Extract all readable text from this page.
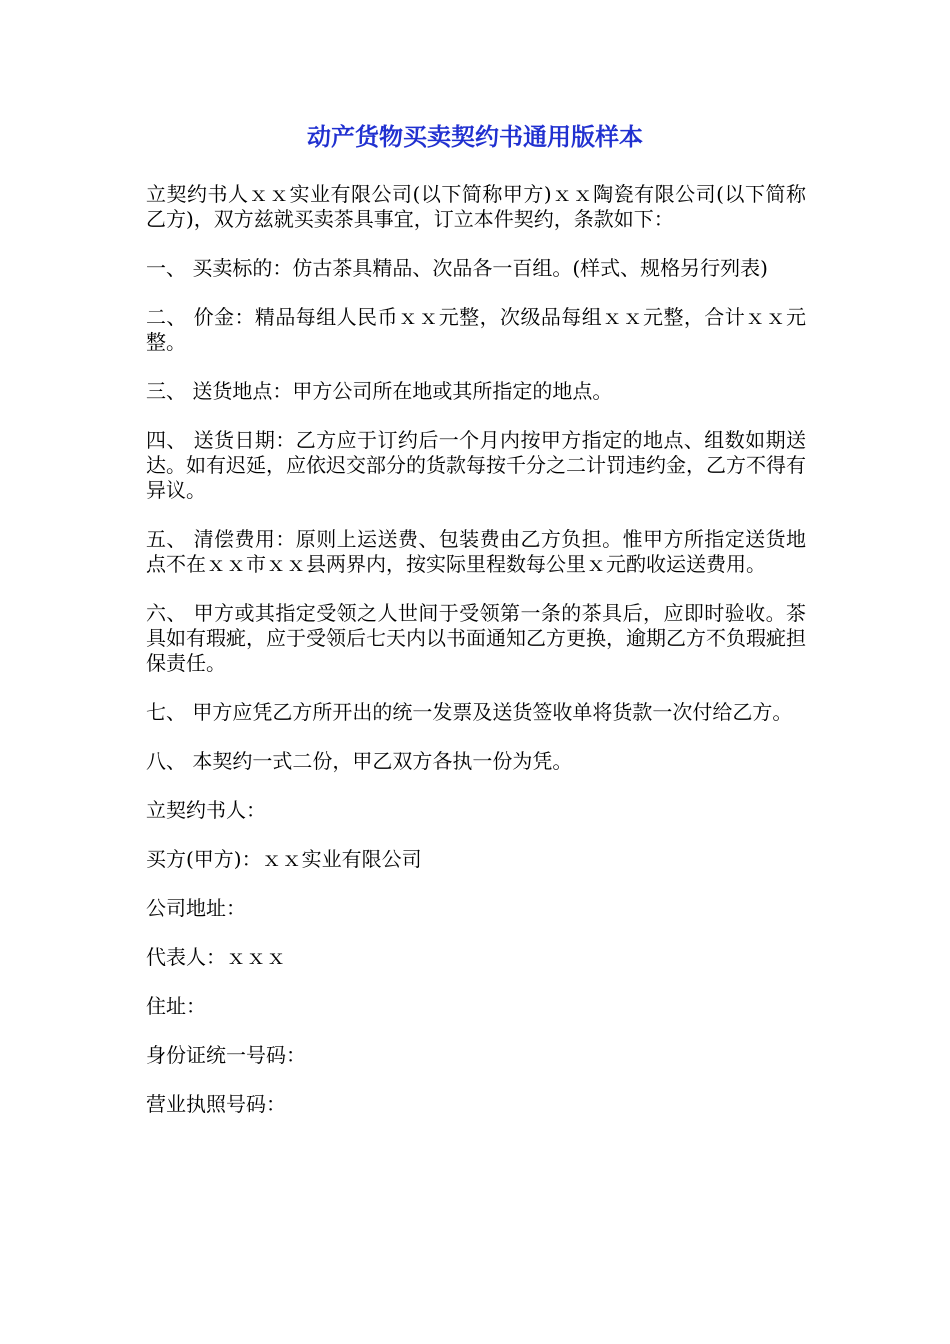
动产货物买卖契约书通用版样本

立契约书人ｘｘ实业有限公司(以下简称甲方)ｘｘ陶瓷有限公司(以下简称乙方)，双方兹就买卖茶具事宜，订立本件契约，条款如下：

一、 买卖标的：仿古茶具精品、次品各一百组。(样式、规格另行列表)

二、 价金：精品每组人民币ｘｘ元整，次级品每组ｘｘ元整，合计ｘｘ元整。

三、 送货地点：甲方公司所在地或其所指定的地点。

四、 送货日期：乙方应于订约后一个月内按甲方指定的地点、组数如期送达。如有迟延，应依迟交部分的货款每按千分之二计罚违约金，乙方不得有异议。

五、 清偿费用：原则上运送费、包装费由乙方负担。惟甲方所指定送货地点不在ｘｘ市ｘｘ县两界内，按实际里程数每公里ｘ元酌收运送费用。

六、 甲方或其指定受领之人世间于受领第一条的茶具后，应即时验收。茶具如有瑕疵，应于受领后七天内以书面通知乙方更换，逾期乙方不负瑕疵担保责任。

七、 甲方应凭乙方所开出的统一发票及送货签收单将货款一次付给乙方。

八、 本契约一式二份，甲乙双方各执一份为凭。

立契约书人：

买方(甲方)：ｘｘ实业有限公司

公司地址：

代表人：ｘｘｘ

住址：

身份证统一号码：

营业执照号码：
